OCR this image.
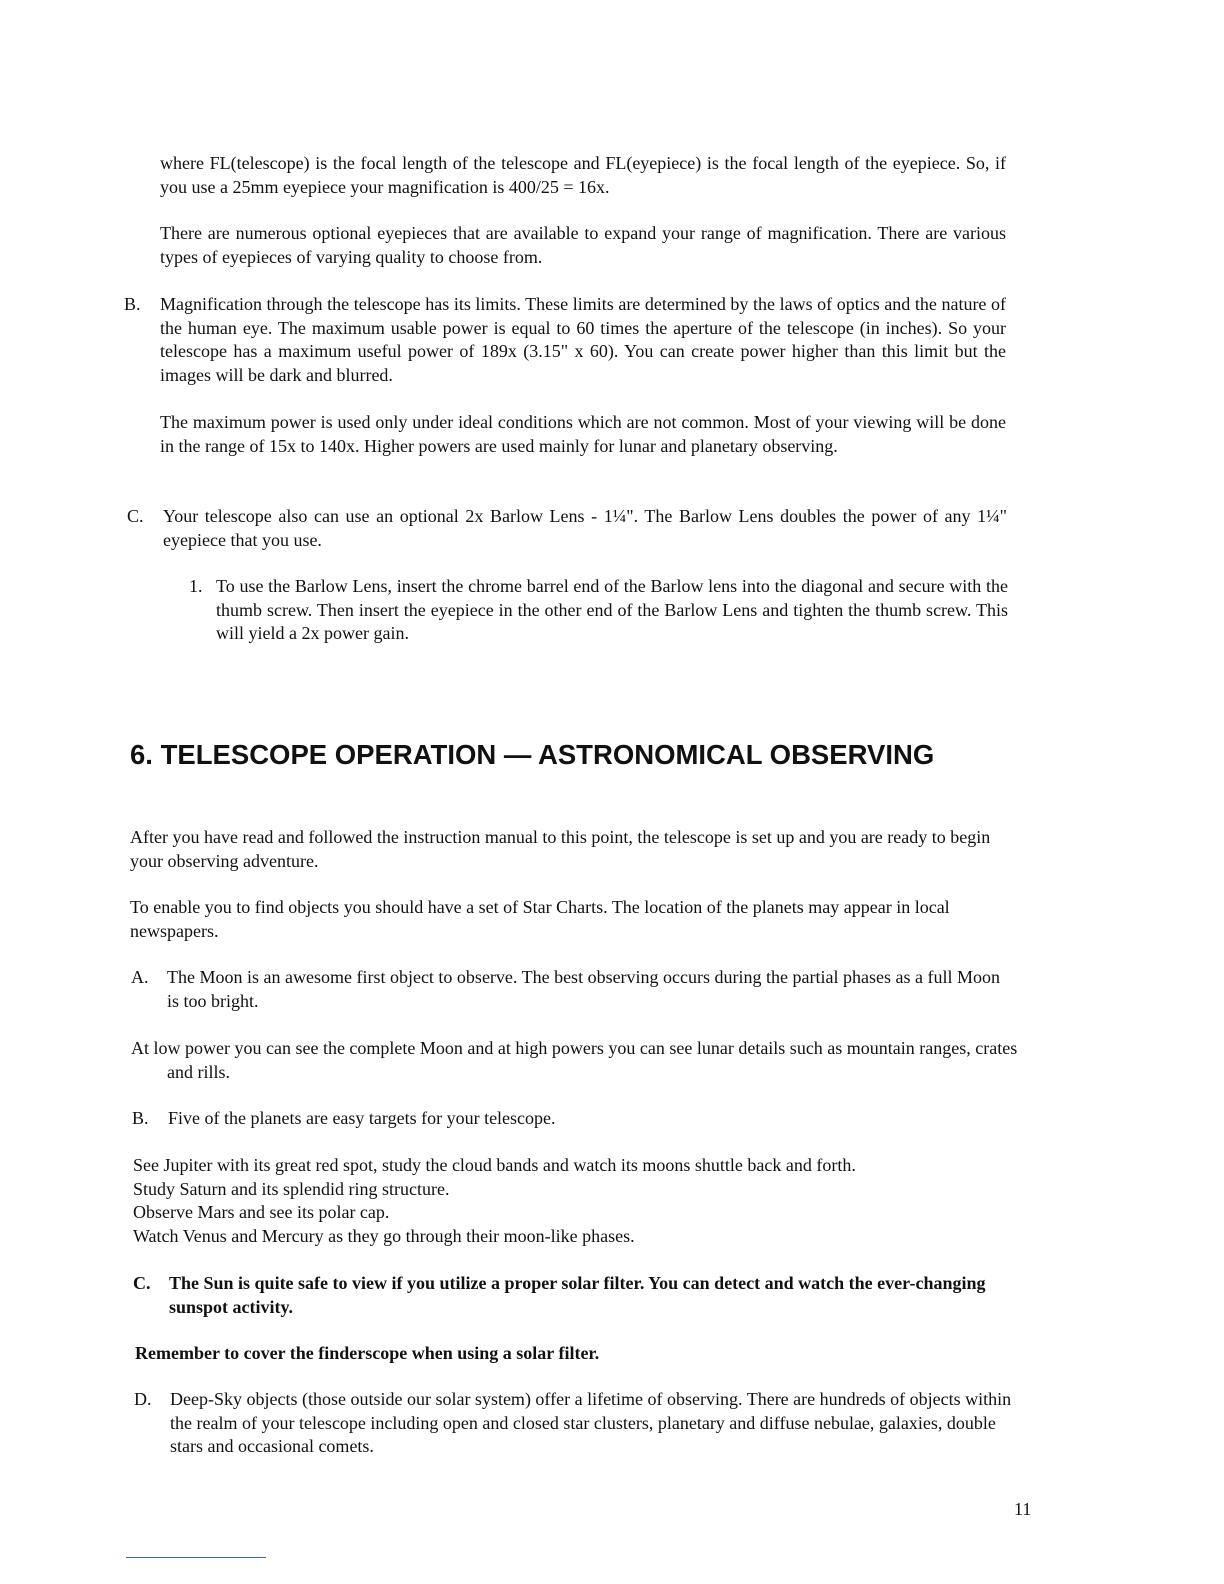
where FL(telescope) is the focal length of the telescope and FL(eyepiece) is the focal length of the eyepiece. So, if you use a 25mm eyepiece your magnification is 400/25 = 16x.

There are numerous optional eyepieces that are available to expand your range of magnification. There are various types of eyepieces of varying quality to choose from.

B. Magnification through the telescope has its limits. These limits are determined by the laws of optics and the nature of the human eye. The maximum usable power is equal to 60 times the aperture of the telescope (in inches). So your telescope has a maximum useful power of 189x (3.15" x 60). You can create power higher than this limit but the images will be dark and blurred.

The maximum power is used only under ideal conditions which are not common. Most of your viewing will be done in the range of 15x to 140x. Higher powers are used mainly for lunar and planetary observing.

C. Your telescope also can use an optional 2x Barlow Lens - 1¼". The Barlow Lens doubles the power of any 1¼" eyepiece that you use.

1. To use the Barlow Lens, insert the chrome barrel end of the Barlow lens into the diagonal and secure with the thumb screw. Then insert the eyepiece in the other end of the Barlow Lens and tighten the thumb screw. This will yield a 2x power gain.

6. TELESCOPE OPERATION — ASTRONOMICAL OBSERVING

After you have read and followed the instruction manual to this point, the telescope is set up and you are ready to begin your observing adventure.

To enable you to find objects you should have a set of Star Charts. The location of the planets may appear in local newspapers.

A. The Moon is an awesome first object to observe. The best observing occurs during the partial phases as a full Moon is too bright.

At low power you can see the complete Moon and at high powers you can see lunar details such as mountain ranges, crates and rills.

B. Five of the planets are easy targets for your telescope.

See Jupiter with its great red spot, study the cloud bands and watch its moons shuttle back and forth.
Study Saturn and its splendid ring structure.
Observe Mars and see its polar cap.
Watch Venus and Mercury as they go through their moon-like phases.
C. The Sun is quite safe to view if you utilize a proper solar filter. You can detect and watch the ever-changing sunspot activity.

Remember to cover the finderscope when using a solar filter.

D. Deep-Sky objects (those outside our solar system) offer a lifetime of observing. There are hundreds of objects within the realm of your telescope including open and closed star clusters, planetary and diffuse nebulae, galaxies, double stars and occasional comets.

11
